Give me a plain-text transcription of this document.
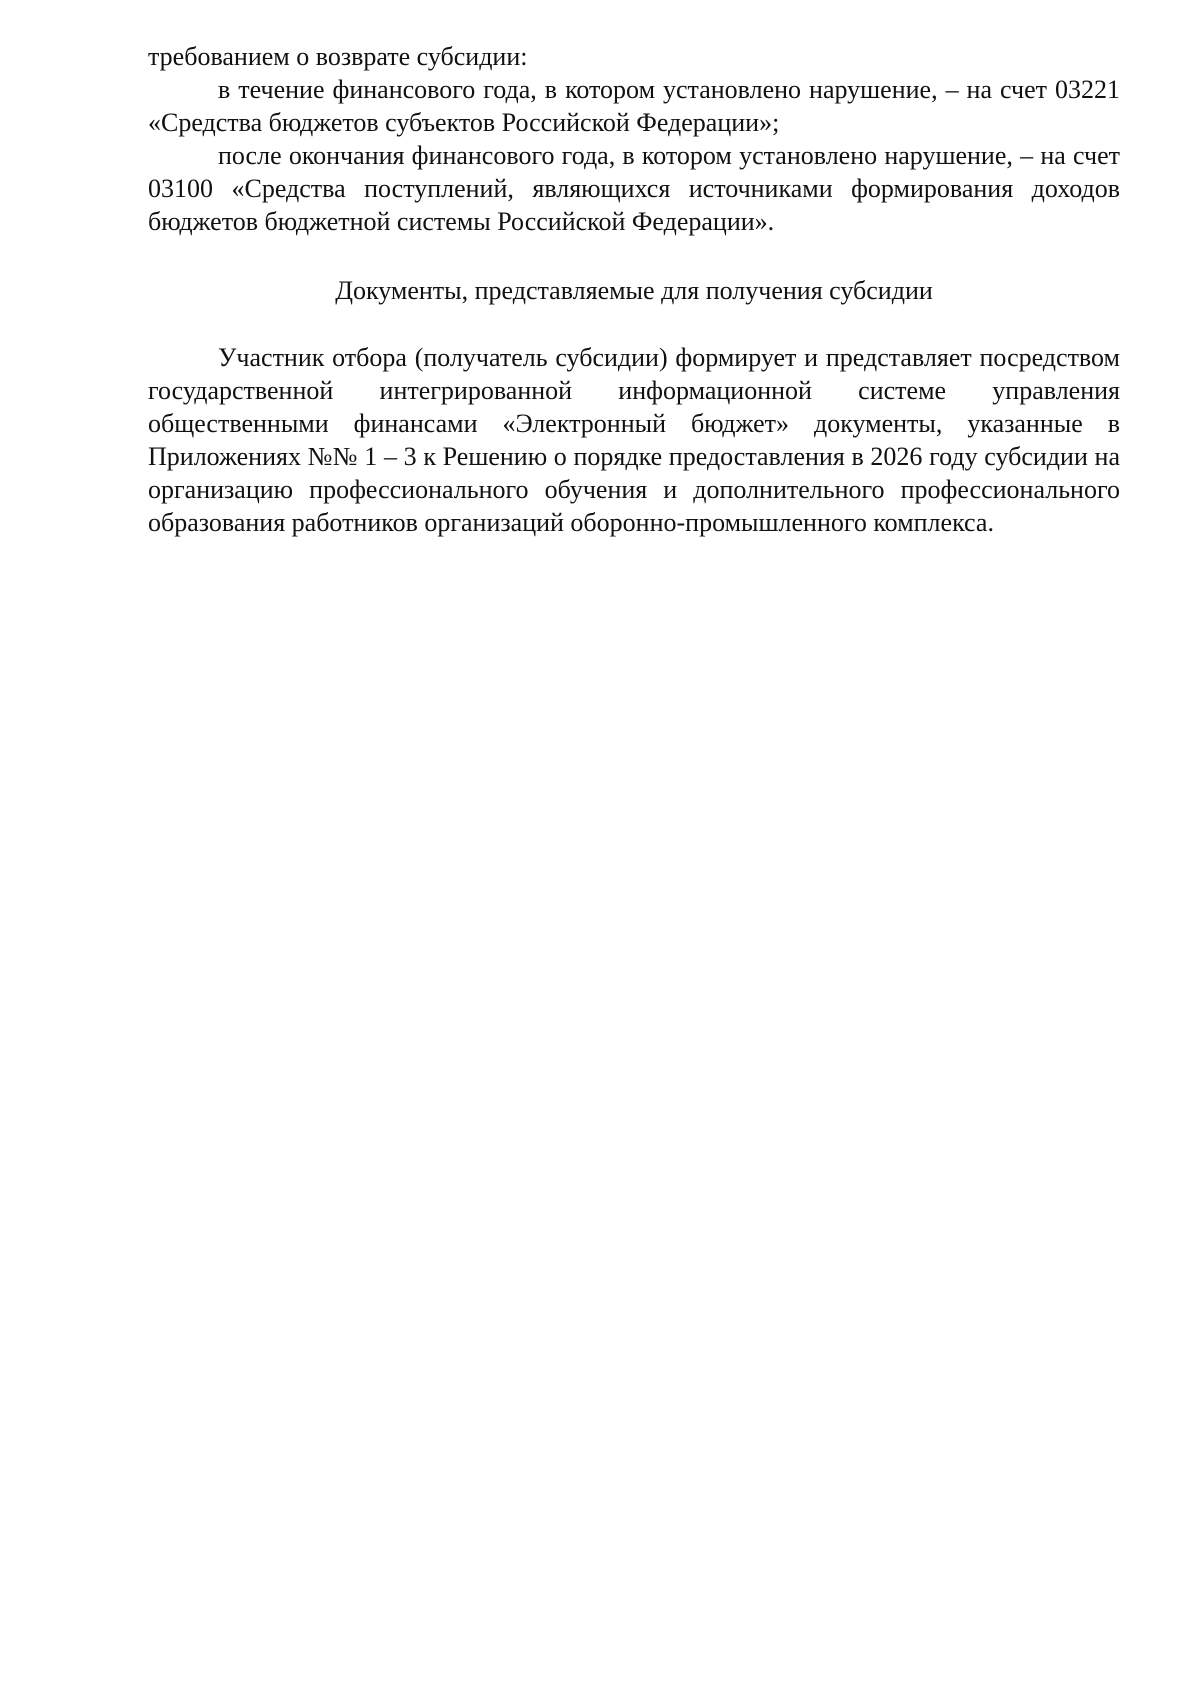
требованием о возврате субсидии:

в течение финансового года, в котором установлено нарушение, – на счет 03221 «Средства бюджетов субъектов Российской Федерации»;

после окончания финансового года, в котором установлено нарушение, – на счет 03100 «Средства поступлений, являющихся источниками формирования доходов бюджетов бюджетной системы Российской Федерации».

Документы, представляемые для получения субсидии

Участник отбора (получатель субсидии) формирует и представляет посредством государственной интегрированной информационной системе управления общественными финансами «Электронный бюджет» документы, указанные в Приложениях №№ 1 – 3 к Решению о порядке предоставления в 2026 году субсидии на организацию профессионального обучения и дополнительного профессионального образования работников организаций оборонно-промышленного комплекса.
